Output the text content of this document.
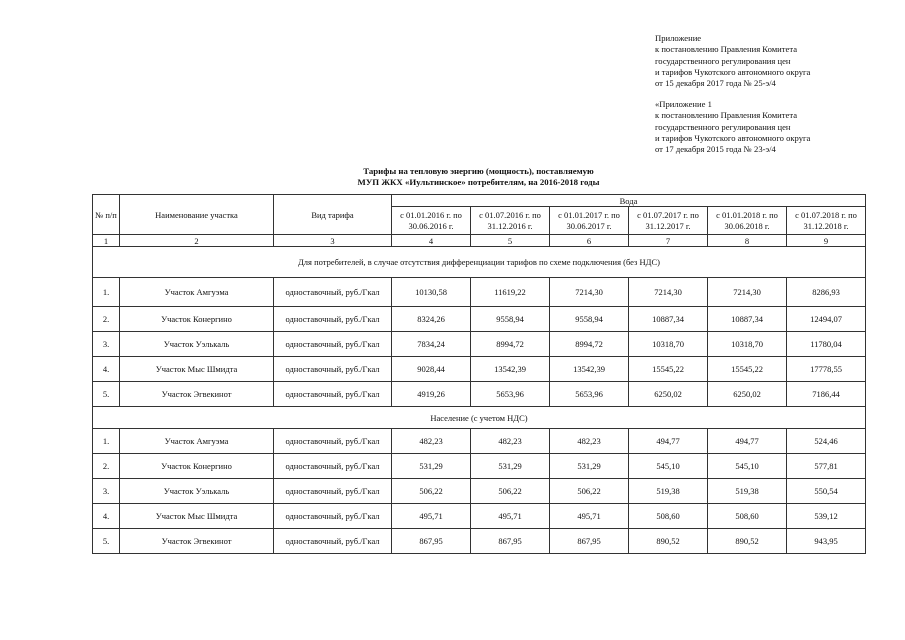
Приложение
к постановлению Правления Комитета
государственного регулирования цен
и тарифов Чукотского автономного округа
от 15 декабря 2017 года № 25-э/4
«Приложение 1
к постановлению Правления Комитета
государственного регулирования цен
и тарифов Чукотского автономного округа
от 17 декабря 2015 года № 23-э/4
Тарифы на тепловую энергию (мощность), поставляемую
МУП ЖКХ «Иультинское» потребителям, на 2016-2018 годы
№ п/п	Наименование участка	Вид тарифа	Вода					
			с 01.01.2016 г. по 30.06.2016 г.	с 01.07.2016 г. по 31.12.2016 г.	с 01.01.2017 г. по 30.06.2017 г.	с 01.07.2017 г. по 31.12.2017 г.	с 01.01.2018 г. по 30.06.2018 г.	с 01.07.2018 г. по 31.12.2018 г.
1	2	3	4	5	6	7	8	9
Для потребителей, в случае отсутствия дифференциации тарифов по схеме подключения (без НДС)								
1.	Участок Амгуэма	одноставочный, руб./Гкал	10130,58	11619,22	7214,30	7214,30	7214,30	8286,93
2.	Участок Конергино	одноставочный, руб./Гкал	8324,26	9558,94	9558,94	10887,34	10887,34	12494,07
3.	Участок Уэлькаль	одноставочный, руб./Гкал	7834,24	8994,72	8994,72	10318,70	10318,70	11780,04
4.	Участок Мыс Шмидта	одноставочный, руб./Гкал	9028,44	13542,39	13542,39	15545,22	15545,22	17778,55
5.	Участок Эгвекинот	одноставочный, руб./Гкал	4919,26	5653,96	5653,96	6250,02	6250,02	7186,44
Население (с учетом НДС)								
1.	Участок Амгуэма	одноставочный, руб./Гкал	482,23	482,23	482,23	494,77	494,77	524,46
2.	Участок Конергино	одноставочный, руб./Гкал	531,29	531,29	531,29	545,10	545,10	577,81
3.	Участок Уэлькаль	одноставочный, руб./Гкал	506,22	506,22	506,22	519,38	519,38	550,54
4.	Участок Мыс Шмидта	одноставочный, руб./Гкал	495,71	495,71	495,71	508,60	508,60	539,12
5.	Участок Эгвекинот	одноставочный, руб./Гкал	867,95	867,95	867,95	890,52	890,52	943,95
